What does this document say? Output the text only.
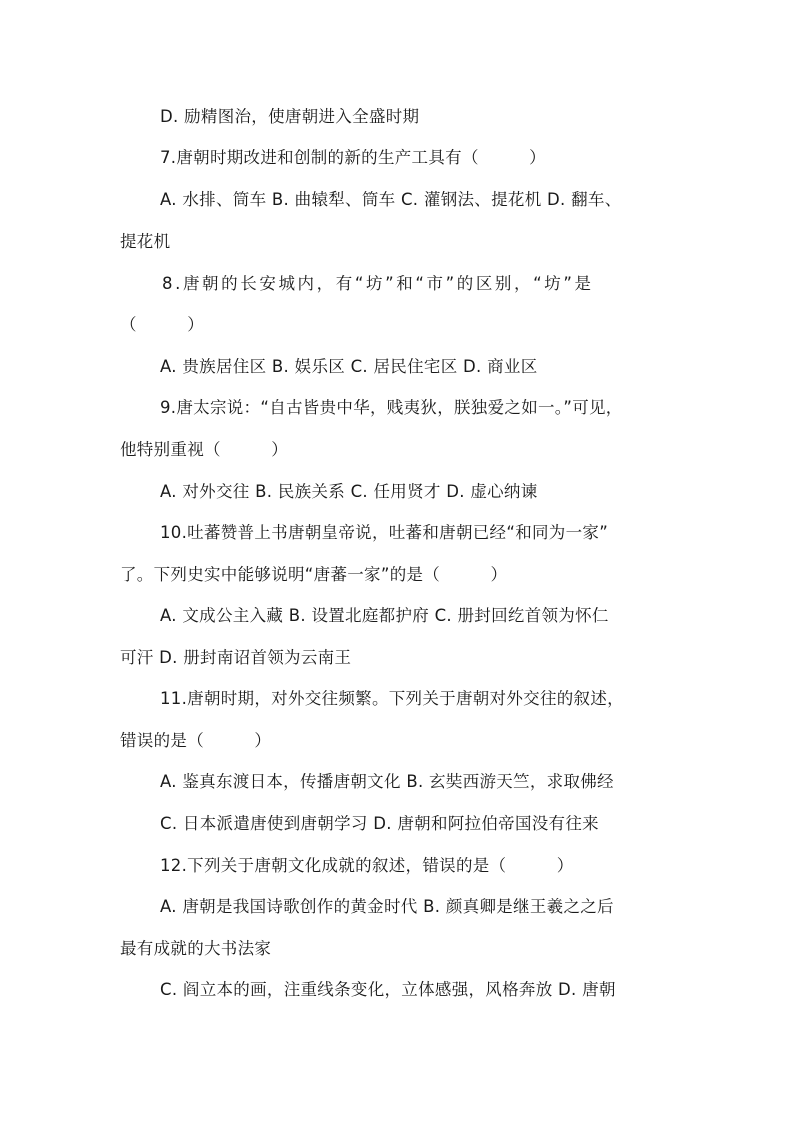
D. 励精图治，使唐朝进入全盛时期
7.唐朝时期改进和创制的新的生产工具有（　　　）
A. 水排、筒车 B. 曲辕犁、筒车 C. 灌钢法、提花机 D. 翻车、
提花机
8.唐朝的长安城内，有“坊”和“市”的区别，“坊”是
（　　　）
A. 贵族居住区 B. 娱乐区 C. 居民住宅区 D. 商业区
9.唐太宗说：“自古皆贵中华，贱夷狄，朕独爱之如一。”可见，
他特别重视（　　　）
A. 对外交往 B. 民族关系 C. 任用贤才 D. 虚心纳谏
10.吐蕃赞普上书唐朝皇帝说，吐蕃和唐朝已经“和同为一家”
了。下列史实中能够说明“唐蕃一家”的是（　　　）
A. 文成公主入藏 B. 设置北庭都护府 C. 册封回纥首领为怀仁
可汗 D. 册封南诏首领为云南王
11.唐朝时期，对外交往频繁。下列关于唐朝对外交往的叙述，
错误的是（　　　）
A. 鉴真东渡日本，传播唐朝文化 B. 玄奘西游天竺，求取佛经
C. 日本派遣唐使到唐朝学习 D. 唐朝和阿拉伯帝国没有往来
12.下列关于唐朝文化成就的叙述，错误的是（　　　）
A. 唐朝是我国诗歌创作的黄金时代 B. 颜真卿是继王羲之之后
最有成就的大书法家
C. 阎立本的画，注重线条变化，立体感强，风格奔放 D. 唐朝
